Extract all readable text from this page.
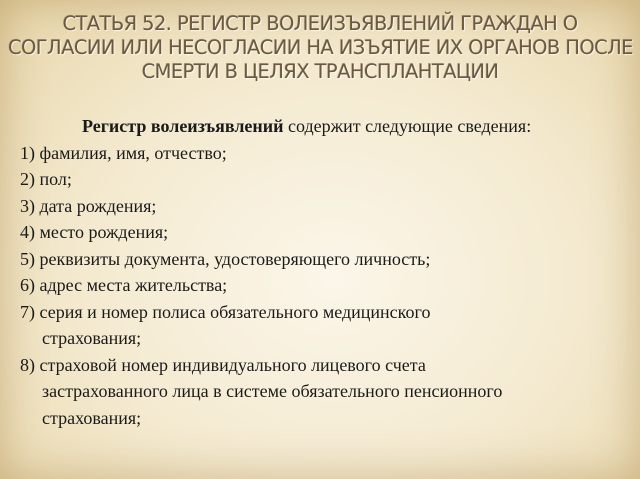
СТАТЬЯ 52. РЕГИСТР ВОЛЕИЗЪЯВЛЕНИЙ ГРАЖДАН О
СОГЛАСИИ ИЛИ НЕСОГЛАСИИ НА ИЗЪЯТИЕ ИХ ОРГАНОВ ПОСЛЕ
СМЕРТИ В ЦЕЛЯХ ТРАНСПЛАНТАЦИИ

Регистр волеизъявлений содержит следующие сведения:

1) фамилия, имя, отчество;
2) пол;
3) дата рождения;
4) место рождения;
5) реквизиты документа, удостоверяющего личность;
6) адрес места жительства;
7) серия и номер полиса обязательного медицинского
страхования;
8) страховой номер индивидуального лицевого счета
застрахованного лица в системе обязательного пенсионного
страхования;
